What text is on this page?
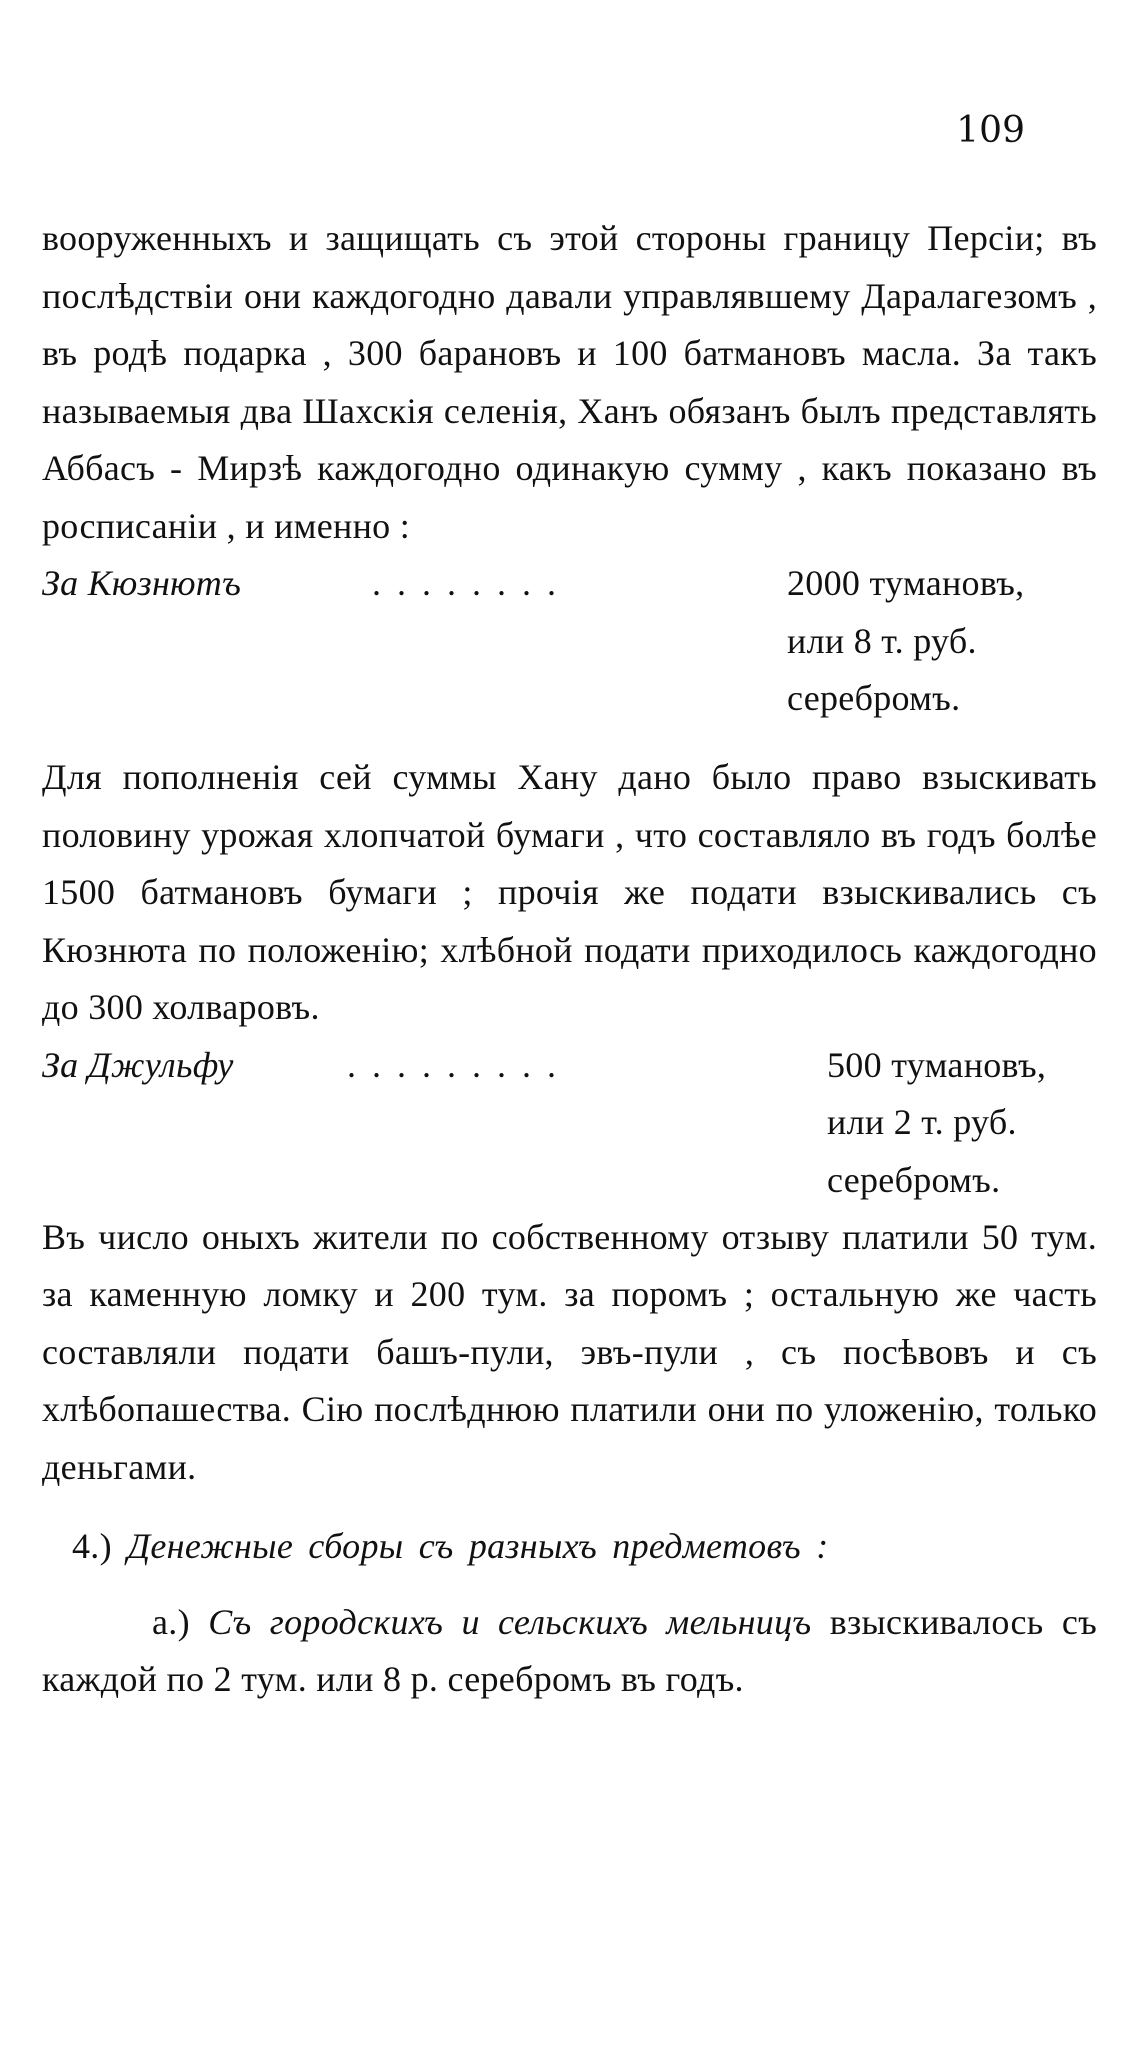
109

вооруженныхъ и защищать съ этой стороны границу Персіи; въ послѣдствіи они каждогодно давали управлявшему Даралагезомъ , въ родѣ подарка , 300 барановъ и 100 батмановъ масла. За такъ называемыя два Шахскія селенія, Ханъ обязанъ былъ представлять Аббасъ - Мирзѣ каждогодно одинакую сумму , какъ показано въ росписаніи , и именно :

За Кюзнютъ	........	2000 тумановъ,
или 8 т. руб.
серебромъ.

Для пополненія сей суммы Хану дано было право взыскивать половину урожая хлопчатой бумаги , что составляло въ годъ болѣе 1500 батмановъ бумаги ; прочія же подати взыскивались съ Кюзнюта по положенію; хлѣбной подати приходилось каждогодно до 300 холваровъ.

За Джульфу	.........	500 тумановъ,
или 2 т. руб.
серебромъ.

Въ число оныхъ жители по собственному отзыву платили 50 тум. за каменную ломку и 200 тум. за поромъ ; остальную же часть составляли подати башъ-пули, эвъ-пули , съ посѣвовъ и съ хлѣбопашества. Сію послѣднюю платили они по уложенію, только деньгами.

4.) Денежные сборы съ разныхъ предметовъ :

а.) Съ городскихъ и сельскихъ мельницъ взыскивалось съ каждой по 2 тум. или 8 р. серебромъ въ годъ.
